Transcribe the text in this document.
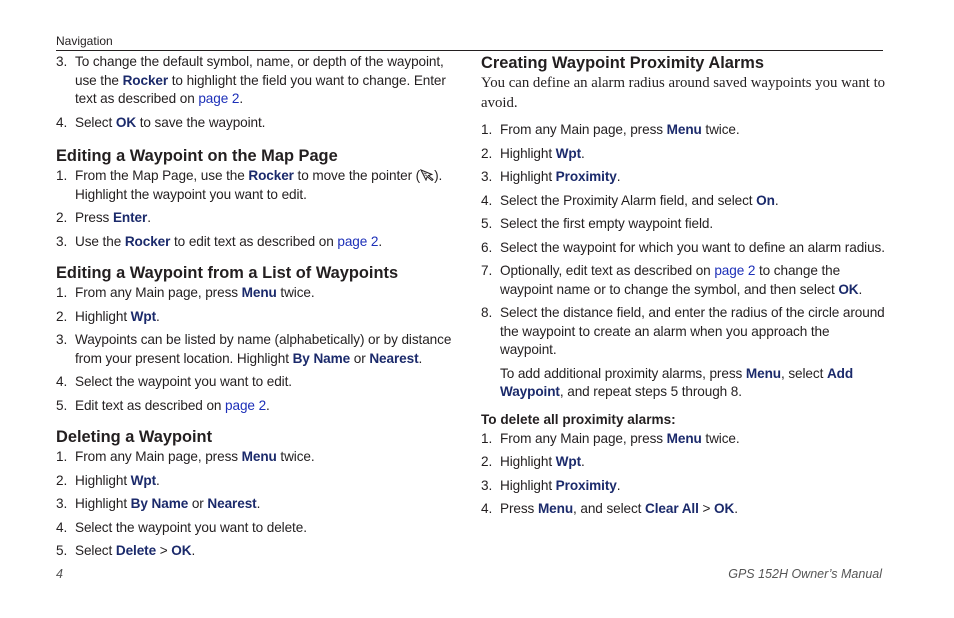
Navigation
3. To change the default symbol, name, or depth of the waypoint, use the Rocker to highlight the field you want to change. Enter text as described on page 2.
4. Select OK to save the waypoint.
Editing a Waypoint on the Map Page
1. From the Map Page, use the Rocker to move the pointer ( ). Highlight the waypoint you want to edit.
2. Press Enter.
3. Use the Rocker to edit text as described on page 2.
Editing a Waypoint from a List of Waypoints
1. From any Main page, press Menu twice.
2. Highlight Wpt.
3. Waypoints can be listed by name (alphabetically) or by distance from your present location. Highlight By Name or Nearest.
4. Select the waypoint you want to edit.
5. Edit text as described on page 2.
Deleting a Waypoint
1. From any Main page, press Menu twice.
2. Highlight Wpt.
3. Highlight By Name or Nearest.
4. Select the waypoint you want to delete.
5. Select Delete > OK.
Creating Waypoint Proximity Alarms

You can define an alarm radius around saved waypoints you want to avoid.

1. From any Main page, press Menu twice.
2. Highlight Wpt.
3. Highlight Proximity.
4. Select the Proximity Alarm field, and select On.
5. Select the first empty waypoint field.
6. Select the waypoint for which you want to define an alarm radius.
7. Optionally, edit text as described on page 2 to change the waypoint name or to change the symbol, and then select OK.
8. Select the distance field, and enter the radius of the circle around the waypoint to create an alarm when you approach the waypoint.
To add additional proximity alarms, press Menu, select Add Waypoint, and repeat steps 5 through 8.
To delete all proximity alarms:
1. From any Main page, press Menu twice.
2. Highlight Wpt.
3. Highlight Proximity.
4. Press Menu, and select Clear All > OK.
4	GPS 152H Owner’s Manual
